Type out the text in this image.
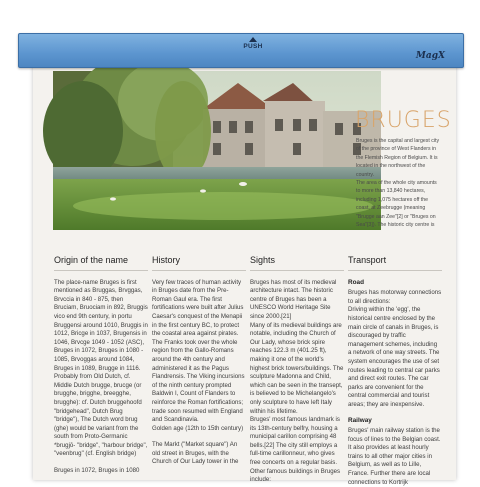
BRUGES

Bruges is the capital and largest city of the province of West Flanders in the Flemish Region of Belgium. It is located in the northwest of the country.

The area of the whole city amounts to more than 13,840 hectares, including 1,075 hectares off the coast, at Zeebrugge (meaning "Brugge aan Zee"[2] or "Bruges on Sea"[3]). The historic city centre is

Origin of the name

The place-name Bruges is first mentioned as Bruggas, Brvggas, Brvccia in 840 - 875, then Bruciam, Bruociam in 892, Bruggis vico end 9th century, in portu Bruggensi around 1010, Bruggis in 1012, Bricge in 1037, Brugensis in 1046, Brvcge 1049 - 1052 (ASC), Bruges in 1072, Bruges in 1080 - 1085, Brvoggas around 1084, Bruges in 1089, Brugge in 1116.

Probably from Old Dutch, cf. Middle Dutch brugge, brucge (or brugghe, brigghe, breegghe, brugghe): cf. Dutch bruggehoofd "bridgehead", Dutch Brug "bridge"), The Dutch word brug (ghe) would be variant from the south from Proto-Germanic *brugjō- "bridge", "harbour bridge", "veenbrug" (cf. English bridge)

Bruges in 1072, Bruges in 1080

History

Very few traces of human activity in Bruges date from the Pre-Roman Gaul era. The first fortifications were built after Julius Caesar's conquest of the Menapii in the first century BC, to protect the coastal area against pirates. The Franks took over the whole region from the Gallo-Romans around the 4th century and administered it as the Pagus Flandrensis. The Viking incursions of the ninth century prompted Baldwin I, Count of Flanders to reinforce the Roman fortifications; trade soon resumed with England and Scandinavia.

Golden age (12th to 15th century)

The Markt ("Market square") An old street in Bruges, with the Church of Our Lady tower in the

Sights

Bruges has most of its medieval architecture intact. The historic centre of Bruges has been a UNESCO World Heritage Site since 2000.[21]

Many of its medieval buildings are notable, including the Church of Our Lady, whose brick spire reaches 122.3 m (401.25 ft), making it one of the world's highest brick towers/buildings. The sculpture Madonna and Child, which can be seen in the transept, is believed to be Michelangelo's only sculpture to have left Italy within his lifetime.

Bruges' most famous landmark is its 13th-century belfry, housing a municipal carillon comprising 48 bells.[22] The city still employs a full-time carillonneur, who gives free concerts on a regular basis.

Other famous buildings in Bruges include:

Transport
Road

Bruges has motorway connections to all directions:

Driving within the 'egg', the historical centre enclosed by the main circle of canals in Bruges, is discouraged by traffic management schemes, including a network of one way streets. The system encourages the use of set routes leading to central car parks and direct exit routes. The car parks are convenient for the central commercial and tourist areas; they are inexpensive.

Railway

Bruges' main railway station is the focus of lines to the Belgian coast. It also provides at least hourly trains to all other major cities in Belgium, as well as to Lille, France. Further there are local connections to Kortrijk

PUSH
MagX
